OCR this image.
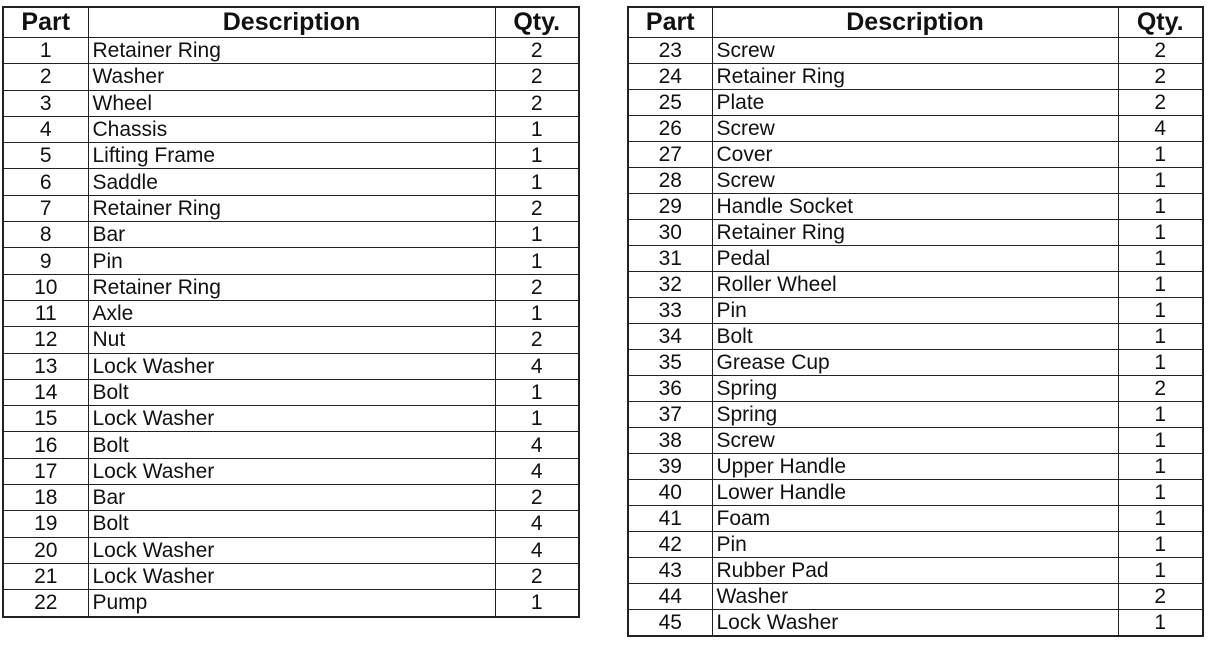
Part	Description	Qty.
1	Retainer Ring	2
2	Washer	2
3	Wheel	2
4	Chassis	1
5	Lifting Frame	1
6	Saddle	1
7	Retainer Ring	2
8	Bar	1
9	Pin	1
10	Retainer Ring	2
11	Axle	1
12	Nut	2
13	Lock Washer	4
14	Bolt	1
15	Lock Washer	1
16	Bolt	4
17	Lock Washer	4
18	Bar	2
19	Bolt	4
20	Lock Washer	4
21	Lock Washer	2
22	Pump	1
Part	Description	Qty.
23	Screw	2
24	Retainer Ring	2
25	Plate	2
26	Screw	4
27	Cover	1
28	Screw	1
29	Handle Socket	1
30	Retainer Ring	1
31	Pedal	1
32	Roller Wheel	1
33	Pin	1
34	Bolt	1
35	Grease Cup	1
36	Spring	2
37	Spring	1
38	Screw	1
39	Upper Handle	1
40	Lower Handle	1
41	Foam	1
42	Pin	1
43	Rubber Pad	1
44	Washer	2
45	Lock Washer	1
